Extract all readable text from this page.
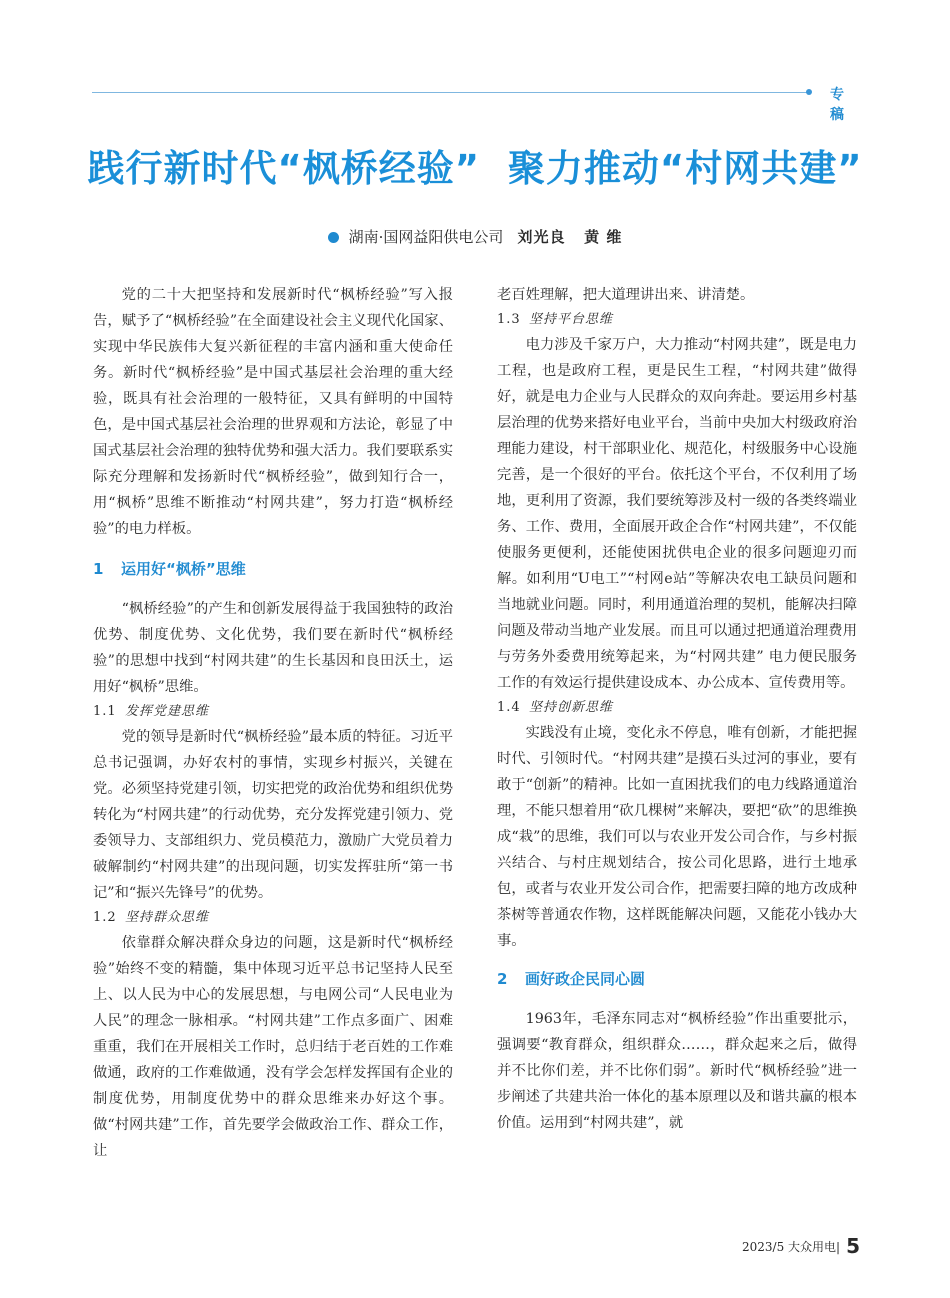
专稿
践行新时代“枫桥经验”  聚力推动“村网共建”
湖南·国网益阳供电公司 刘光良   黄 维

党的二十大把坚持和发展新时代“枫桥经验”写入报告，赋予了“枫桥经验”在全面建设社会主义现代化国家、实现中华民族伟大复兴新征程的丰富内涵和重大使命任务。新时代“枫桥经验”是中国式基层社会治理的重大经验，既具有社会治理的一般特征，又具有鲜明的中国特色，是中国式基层社会治理的世界观和方法论，彰显了中国式基层社会治理的独特优势和强大活力。我们要联系实际充分理解和发扬新时代“枫桥经验”，做到知行合一，用“枫桥”思维不断推动“村网共建”，努力打造“枫桥经验”的电力样板。

1 运用好“枫桥”思维

“枫桥经验”的产生和创新发展得益于我国独特的政治优势、制度优势、文化优势，我们要在新时代“枫桥经验”的思想中找到“村网共建”的生长基因和良田沃土，运用好“枫桥”思维。

1.1 发挥党建思维

党的领导是新时代“枫桥经验”最本质的特征。习近平总书记强调，办好农村的事情，实现乡村振兴，关键在党。必须坚持党建引领，切实把党的政治优势和组织优势转化为“村网共建”的行动优势，充分发挥党建引领力、党委领导力、支部组织力、党员模范力，激励广大党员着力破解制约“村网共建”的出现问题，切实发挥驻所“第一书记”和“振兴先锋号”的优势。

1.2 坚持群众思维

依靠群众解决群众身边的问题，这是新时代“枫桥经验”始终不变的精髓，集中体现习近平总书记坚持人民至上、以人民为中心的发展思想，与电网公司“人民电业为人民”的理念一脉相承。“村网共建”工作点多面广、困难重重，我们在开展相关工作时，总归结于老百姓的工作难做通，政府的工作难做通，没有学会怎样发挥国有企业的制度优势，用制度优势中的群众思维来办好这个事。做“村网共建”工作，首先要学会做政治工作、群众工作，让

老百姓理解，把大道理讲出来、讲清楚。

1.3 坚持平台思维

电力涉及千家万户，大力推动“村网共建”，既是电力工程，也是政府工程，更是民生工程，“村网共建”做得好，就是电力企业与人民群众的双向奔赴。要运用乡村基层治理的优势来搭好电业平台，当前中央加大村级政府治理能力建设，村干部职业化、规范化，村级服务中心设施完善，是一个很好的平台。依托这个平台，不仅利用了场地，更利用了资源，我们要统筹涉及村一级的各类终端业务、工作、费用，全面展开政企合作“村网共建”，不仅能使服务更便利，还能使困扰供电企业的很多问题迎刃而解。如利用“U电工”“村网e站”等解决农电工缺员问题和当地就业问题。同时，利用通道治理的契机，能解决扫障问题及带动当地产业发展。而且可以通过把通道治理费用与劳务外委费用统筹起来，为“村网共建” 电力便民服务工作的有效运行提供建设成本、办公成本、宣传费用等。

1.4 坚持创新思维

实践没有止境，变化永不停息，唯有创新，才能把握时代、引领时代。“村网共建”是摸石头过河的事业，要有敢于“创新”的精神。比如一直困扰我们的电力线路通道治理，不能只想着用“砍几棵树”来解决，要把“砍”的思维换成“栽”的思维，我们可以与农业开发公司合作，与乡村振兴结合、与村庄规划结合，按公司化思路，进行土地承包，或者与农业开发公司合作，把需要扫障的地方改成种茶树等普通农作物，这样既能解决问题，又能花小钱办大事。

2 画好政企民同心圆

1963年，毛泽东同志对“枫桥经验”作出重要批示，强调要“教育群众，组织群众……，群众起来之后，做得并不比你们差，并不比你们弱”。新时代“枫桥经验”进一步阐述了共建共治一体化的基本原理以及和谐共赢的根本价值。运用到“村网共建”，就

2023/5 大众用电| 5
